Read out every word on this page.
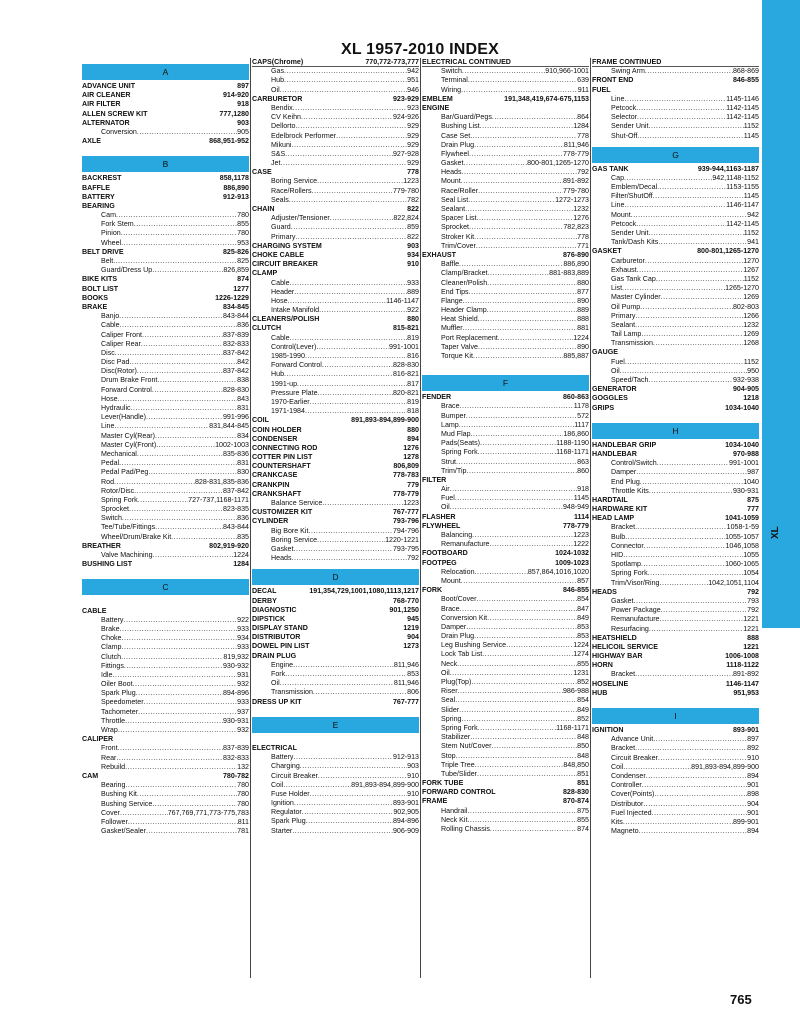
XL
XL 1957-2010 INDEX
A
ADVANCE UNIT	897
AIR CLEANER	914-920
AIR FILTER	918
ALLEN SCREW KIT	777,1280
ALTERNATOR	903
Conversion .....	905
AXLE	868,951-952
B
BACKREST	858,1178
BAFFLE	886,890
BATTERY	912-913
BEARING
Cam .....	780
Fork Stem .....	855
Pinion .....	780
Wheel .....	953
BELT DRIVE	825-826
Belt .....	825
Guard/Dress Up .....	826,859
BIKE KITS	874
BOLT LIST	1277
BOOKS	1226-1229
BRAKE	834-845
Banjo .....	843-844
Cable .....	836
Caliper Front .....	837-839
Caliper Rear .....	832-833
Disc .....	837-842
Disc Pad .....	842
Disc(Rotor) .....	837-842
Drum Brake Front .....	838
Forward Control .....	828-830
Hose .....	843
Hydraulic .....	831
Lever(Handle) .....	991-996
Line .....	831,844-845
Master Cyl(Rear) .....	834
Master Cyl(Front) .....	1002-1003
Mechanical .....	835-836
Pedal .....	831
Pedal Pad/Peg .....	830
Rod .....	828-831,835-836
Rotor/Disc .....	837-842
Spring Fork .....	727-737,1168-1171
Sprocket .....	823-835
Switch .....	836
Tee/Tube/Fittings .....	843-844
Wheel/Drum/Brake Kit .....	835
BREATHER	802,919-920
Valve Machining .....	1224
BUSHING LIST	1284
C
CABLE
Battery .....	922
Brake .....	933
Choke .....	934
Clamp .....	933
Clutch .....	819,932
Fittings .....	930-932
Idle .....	931
Oiler Boot .....	932
Spark Plug .....	894-896
Speedometer .....	933
Tachometer .....	937
Throttle .....	930-931
Wrap .....	932
CALIPER
Front .....	837-839
Rear .....	832-833
Rebuild .....	132
CAM	780-782
Bearing .....	780
Bushing Kit .....	780
Bushing Service .....	780
Cover .....	767,769,771,773-775,783
Follower .....	811
Gasket/Sealer .....	781
CAPS(Chrome)	770,772-773,777
Gas .....	942
Hub .....	951
Oil .....	946
CARBURETOR	923-929
Bendix .....	923
CV Keihn .....	924-926
Dellorto .....	929
Edelbrock Performer .....	929
Mikuni .....	929
S&S .....	927-928
Jet .....	929
CASE	778
Boring Service .....	1223
Race/Rollers .....	779-780
Seals .....	782
CHAIN	822
Adjuster/Tensioner .....	822,824
Guard .....	859
Primary .....	822
CHARGING SYSTEM	903
CHOKE CABLE	934
CIRCUIT BREAKER	910
CLAMP
Cable .....	933
Header .....	889
Hose .....	1146-1147
Intake Manifold .....	922
CLEANERS/POLISH	880
CLUTCH	815-821
Cable .....	819
Control(Lever) .....	991-1001
1985-1990 .....	816
Forward Control .....	828-830
Hub .....	816-821
1991-up .....	817
Pressure Plate .....	820-821
1970-Earlier .....	819
1971-1984 .....	818
COIL	891,893-894,899-900
COIN HOLDER	880
CONDENSER	894
CONNECTING ROD	1276
COTTER PIN LIST	1278
COUNTERSHAFT	806,809
CRANKCASE	778-783
CRANKPIN	779
CRANKSHAFT	778-779
Balance Service .....	1223
CUSTOMIZER KIT	767-777
CYLINDER	793-796
Big Bore Kit .....	794-796
Boring Service .....	1220-1221
Gasket .....	793-795
Heads .....	792
D
DECAL	191,354,729,1001,1080,1113,1217
DERBY	768-770
DIAGNOSTIC	901,1250
DIPSTICK	945
DISPLAY STAND	1219
DISTRIBUTOR	904
DOWEL PIN LIST	1273
DRAIN PLUG
Engine .....	811,946
Fork .....	853
Oil .....	811,946
Transmission .....	806
DRESS UP KIT	767-777
E
ELECTRICAL
Battery .....	912-913
Charging .....	903
Circuit Breaker .....	910
Coil .....	891,893-894,899-900
Fuse Holder .....	910
Ignition .....	893-901
Regulator .....	902,905
Spark Plug .....	894-896
Starter .....	906-909
ELECTRICAL CONTINUED
Switch .....	910,966-1001
Terminal .....	639
Wiring .....	911
EMBLEM	191,348,419,674-675,1153
ENGINE
Bar/Guard/Pegs .....	864
Bushing List .....	1284
Case Set .....	778
Drain Plug .....	811,946
Flywheel .....	778-779
Gasket .....	800-801,1265-1270
Heads .....	792
Mount .....	891-892
Race/Roller .....	779-780
Seal List .....	1272-1273
Sealant .....	1232
Spacer List .....	1276
Sprocket .....	782,823
Stroker Kit .....	778
Trim/Cover .....	771
EXHAUST	876-890
Baffle .....	886,890
Clamp/Bracket .....	881-883,889
Cleaner/Polish .....	880
End Tips .....	877
Flange .....	890
Header Clamp .....	889
Heat Shield .....	888
Muffler .....	881
Port Replacement .....	1224
Taper Valve .....	890
Torque Kit .....	885,887
F
FENDER	860-863
Brace .....	1178
Bumper .....	572
Lamp .....	1117
Mud Flap .....	186,860
Pads(Seats) .....	1188-1190
Spring Fork .....	1168-1171
Strut .....	863
Trim/Tip .....	860
FILTER
Air .....	918
Fuel .....	1145
Oil .....	948-949
FLASHER	1114
FLYWHEEL	778-779
Balancing .....	1223
Remanufacture .....	1222
FOOTBOARD	1024-1032
FOOTPEG	1009-1023
Relocation .....	857,864,1016,1020
Mount .....	857
FORK	846-855
Boot/Cover .....	854
Brace .....	847
Conversion Kit .....	849
Damper .....	853
Drain Plug .....	853
Leg Bushing Service .....	1224
Lock Tab List .....	1274
Neck .....	855
Oil .....	1231
Plug(Top) .....	852
Riser .....	986-988
Seal .....	854
Slider .....	849
Spring .....	852
Spring Fork .....	1168-1171
Stabilizer .....	848
Stem Nut/Cover .....	850
Stop .....	848
Triple Tree .....	848,850
Tube/Slider .....	851
FORK TUBE	851
FORWARD CONTROL	828-830
FRAME	870-874
Handrail .....	875
Neck Kit .....	855
Rolling Chassis .....	874
FRAME CONTINUED
Swing Arm .....	868-869
FRONT END	846-855
FUEL
Line .....	1145-1146
Petcock .....	1142-1145
Selector .....	1142-1145
Sender Unit .....	1152
Shut-Off .....	1145
G
GAS TANK	939-944,1163-1187
Cap .....	942,1148-1152
Emblem/Decal .....	1153-1155
Filter/ShutOff .....	1145
Line .....	1146-1147
Mount .....	942
Petcock .....	1142-1145
Sender Unit .....	1152
Tank/Dash Kits .....	941
GASKET	800-801,1265-1270
Carburetor .....	1270
Exhaust .....	1267
Gas Tank Cap .....	1152
List .....	1265-1270
Master Cylinder .....	1269
Oil Pump .....	802-803
Primary .....	1266
Sealant .....	1232
Tail Lamp .....	1269
Transmission .....	1268
GAUGE
Fuel .....	1152
Oil .....	950
Speed/Tach .....	932-938
GENERATOR	904-905
GOGGLES	1218
GRIPS	1034-1040
H
HANDLEBAR GRIP	1034-1040
HANDLEBAR	970-988
Control/Switch .....	991-1001
Damper .....	987
End Plug .....	1040
Throttle Kits .....	930-931
HARDTAIL	875
HARDWARE KIT	777
HEAD LAMP	1041-1059
Bracket .....	1058-1-59
Bulb .....	1055-1057
Connector .....	1046,1058
HID .....	1055
Spotlamp .....	1060-1065
Spring Fork .....	1054
Trim/Visor/Ring .....	1042,1051,1104
HEADS	792
Gasket .....	793
Power Package .....	792
Remanufacture .....	1221
Resurfacing .....	1221
HEATSHIELD	888
HELICOIL SERVICE	1221
HIGHWAY BAR	1006-1008
HORN	1118-1122
Bracket .....	891-892
HOSELINE	1146-1147
HUB	951,953
I
IGNITION	893-901
Advance Unit .....	897
Bracket .....	892
Circuit Breaker .....	910
Coil .....	891,893-894,899-900
Condenser .....	894
Controller .....	901
Cover(Points) .....	898
Distributor .....	904
Fuel Injected .....	901
Kits .....	899-901
Magneto .....	894
765
